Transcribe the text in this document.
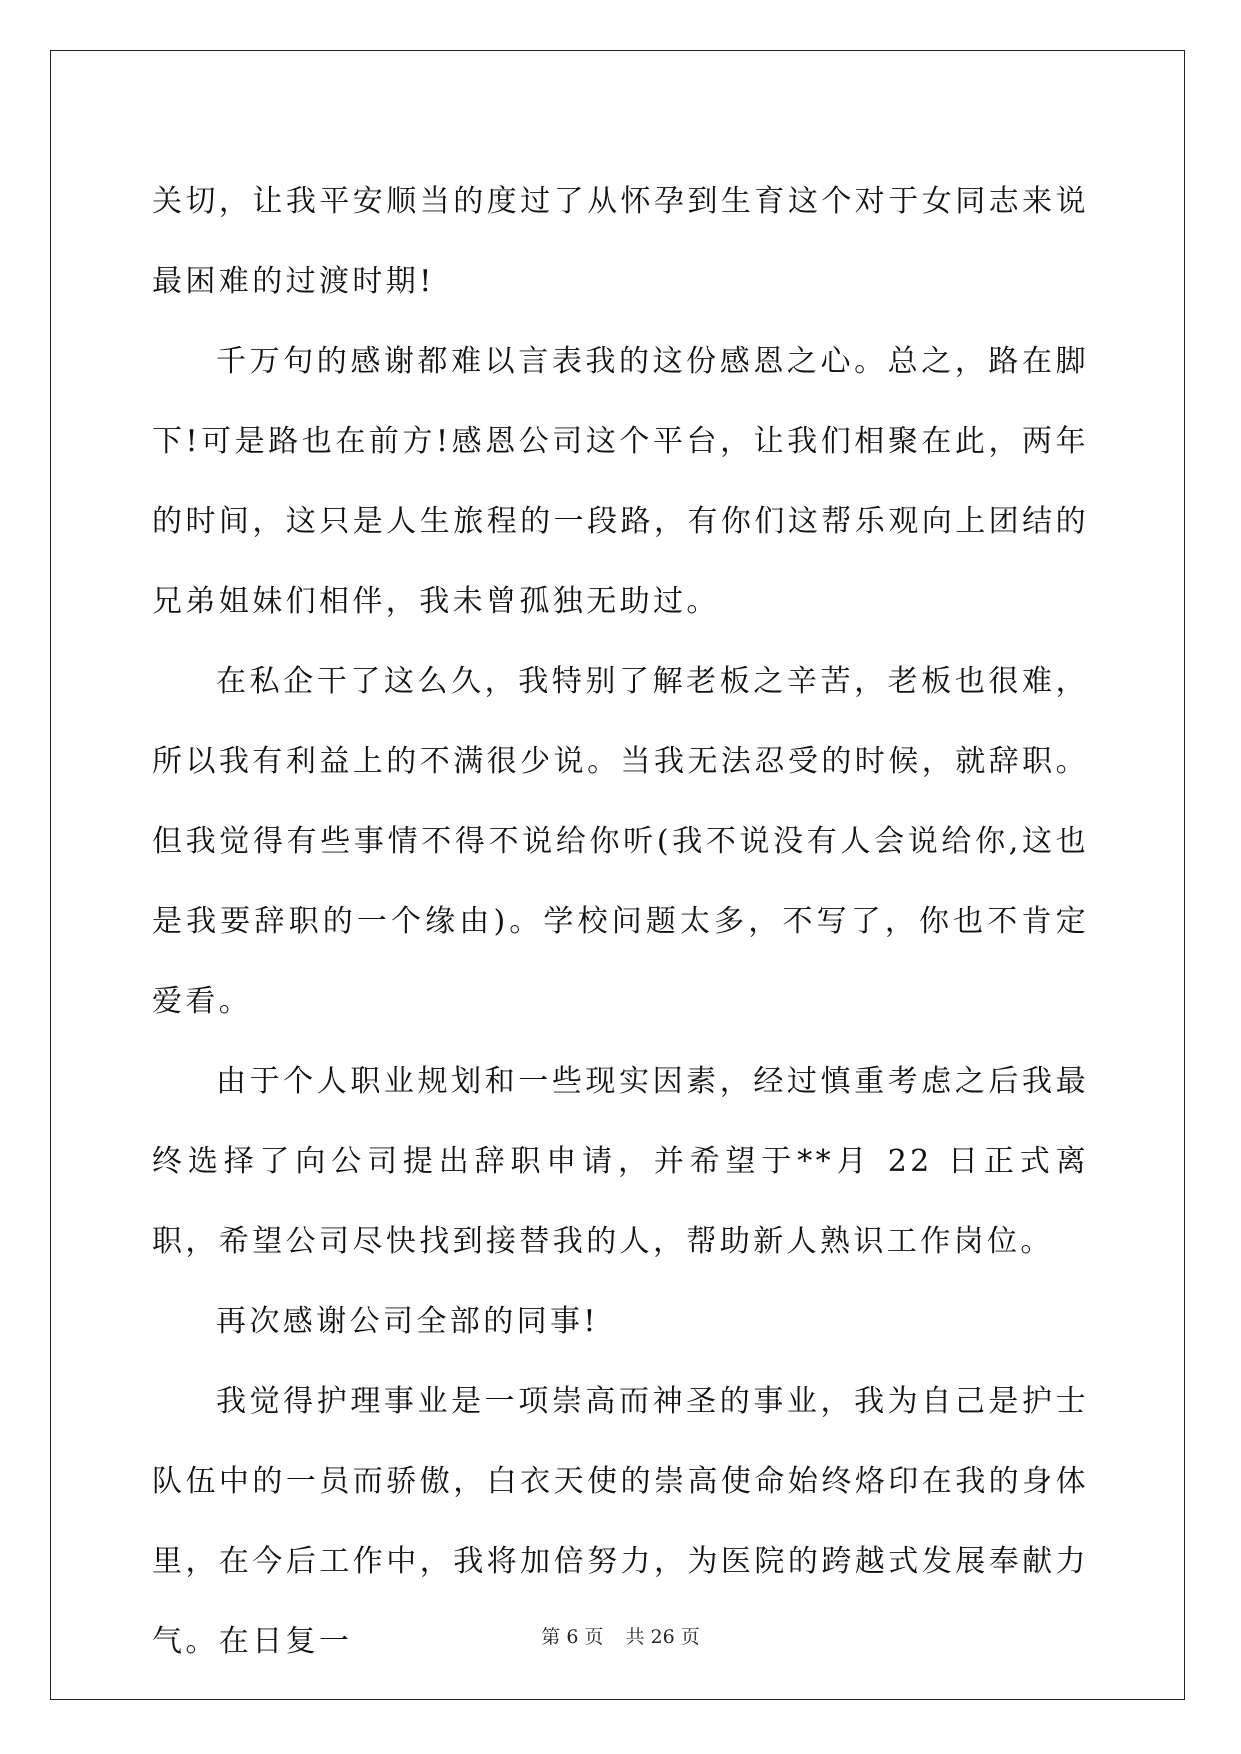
关切，让我平安顺当的度过了从怀孕到生育这个对于女同志来说最困难的过渡时期!

千万句的感谢都难以言表我的这份感恩之心。总之，路在脚下!可是路也在前方!感恩公司这个平台，让我们相聚在此，两年的时间，这只是人生旅程的一段路，有你们这帮乐观向上团结的兄弟姐妹们相伴，我未曾孤独无助过。

在私企干了这么久，我特别了解老板之辛苦，老板也很难，所以我有利益上的不满很少说。当我无法忍受的时候，就辞职。但我觉得有些事情不得不说给你听(我不说没有人会说给你,这也是我要辞职的一个缘由)。学校问题太多，不写了，你也不肯定爱看。

由于个人职业规划和一些现实因素，经过慎重考虑之后我最终选择了向公司提出辞职申请，并希望于**月 22 日正式离职，希望公司尽快找到接替我的人，帮助新人熟识工作岗位。

再次感谢公司全部的同事!

我觉得护理事业是一项崇高而神圣的事业，我为自己是护士队伍中的一员而骄傲，白衣天使的崇高使命始终烙印在我的身体里，在今后工作中，我将加倍努力，为医院的跨越式发展奉献力气。在日复一	第 6 页 共 26 页
